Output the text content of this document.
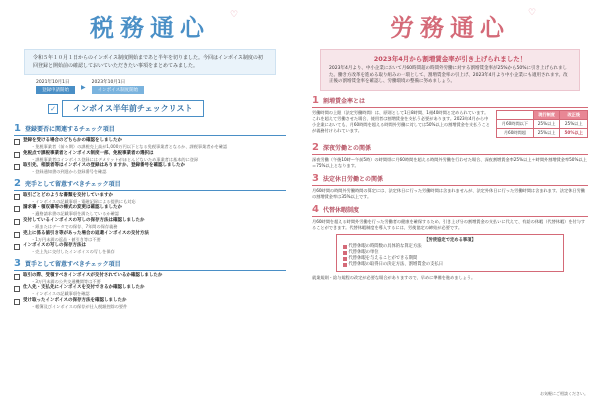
♡
税務通心
令和５年１０月１日からのインボイス制度開始まであと半年を切りました。今回はインボイス制度の初回登録と開始前の確認しておいていただきたい事項をまとめてみました。
2021年10月1日
登録申請開始	▶
2023年10月1日
インボイス制度開始
✓	インボイス半年前チェックリスト
1 登録要否に関連するチェック項目
登録を受ける場合のどちらかの確認をしましたか
・免税事業者（前々期）の課税売上高が1,000万円以下となる免税事業者となるか、課税事業者かを確認
免税点で課税事業者とインボイス制度一部、免税事業者の選択は
・課税事業者はインボイス登録にはデメリットがほとんどないため事業者は基本的に登録
取引先、相談者等はインボイスの登録はありますか、登録番号を確認しましたか
・登録通知書の到達から登録番号を確認
2 売手として留意すべきチェック項目
取引ごとどのような書類を交付していますか
・インボイスの記載事項・電磁記録による提供にも対応
請求書・領収書等の様式の変更は確認しましたか
・適格請求書の記載事項を満たしているか確認
交付しているインボイスの写しの保存方法は確認しましたか
・紙またはデータでの保存、7年間の保存義務
売上に係る値引き等があった場合の返還インボイスの交付方法
・1万円未満の返品・値引き等は不要
インボイスの写しの保存方法は
・売上先に交付したインボイスの写しを保存
3 買手として留意すべきチェック項目
取引の際、受領すべきインボイスが交付されているか確認しましたか
・3万円未満の公共交通機関等は不要
仕入先・支払先にインボイスを交付できるか確認しましたか
・インボイスの記載事項を確認
受け取ったインボイスの保存方法を確認しましたか
・帳簿及びインボイスの保存が仕入税額控除の要件
♡
労務通心
2023年4月から割増賃金率が引き上げられました！

2023年4月より、中小企業において月60時間超の時間外労働に対する割増賃金率が25%から50%に引き上げられました。働き方改革を進める取り組みの一環として、割増賃金率の引上げ、2023年4月より中小企業にも適用されます。改正後の割増賃金率を確認し、労働環境の整備に努めましょう。

1 割増賃金率とは
労働時間の上限（法定労働時間）は、原則として1日8時間、1週40時間と定められています。これを超えて労働させた場合、使用者は割増賃金を支払う必要があります。2023年4月から中小企業においても、月60時間を超える時間外労働に対しては50%以上の割増賃金を支払うことが義務付けられています。
	現行制度	改正後
月60時間以下	25%以上	25%以上
月60時間超	25%以上	50%以上
2 深夜労働との関係
深夜労働（午後10時〜午前5時）の時間帯に月60時間を超える時間外労働を行わせた場合、深夜割増賃金率25%以上＋時間外割増賃金率50%以上＝75%以上となります。
3 法定休日労働との関係
月60時間の時間外労働時間の算定には、法定休日に行った労働時間は含まれませんが、法定外休日に行った労働時間は含まれます。法定休日労働の割増賃金率は35%以上です。
4 代替休暇制度
月60時間を超える時間外労働を行った労働者の健康を確保するため、引き上げ分の割増賃金の支払いに代えて、有給の休暇（代替休暇）を付与することができます。代替休暇制度を導入するには、労使協定の締結が必要です。
【労使協定で定める事項】
代替休暇の時間数の具体的な算定方法
代替休暇の単位
代替休暇を与えることができる期間
代替休暇の取得日の決定方法、割増賃金の支払日
就業規則・給与規程の改定が必要な場合がありますので、早めに準備を進めましょう。
お気軽にご相談ください。
